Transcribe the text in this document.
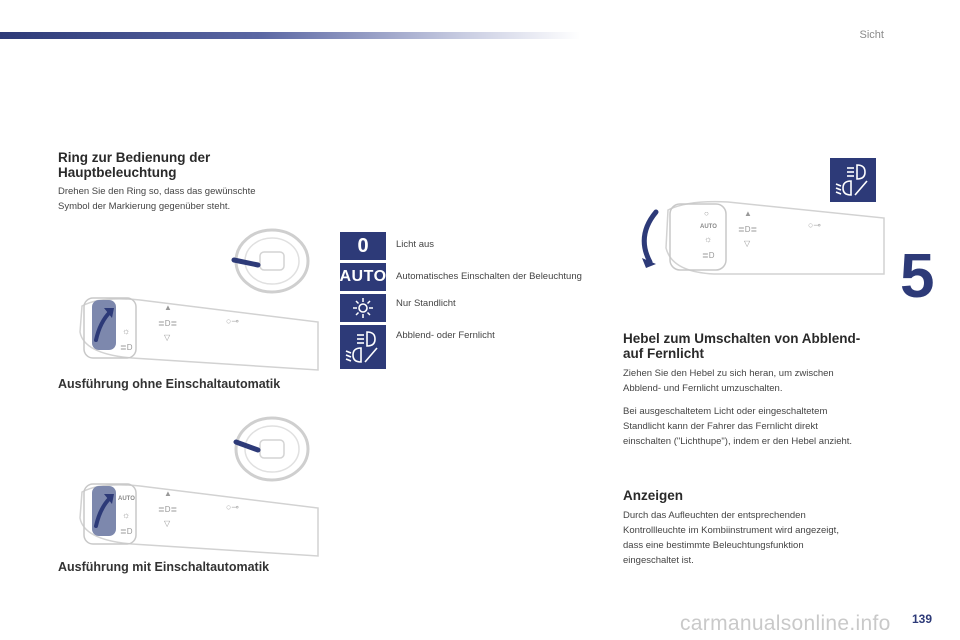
Sicht
5
Ring zur Bedienung der
Hauptbeleuchtung
Drehen Sie den Ring so, dass das gewünschte
Symbol der Markierung gegenüber steht.
☼
≣D
▲
≣D≣
▽
○⊸
Ausführung ohne Einschaltautomatik
AUTO
☼
≣D
▲
≣D≣
▽
○⊸
Ausführung mit Einschaltautomatik
0	Licht aus
AUTO Automatisches Einschalten der Beleuchtung
Nur Standlicht
Abblend- oder Fernlicht
○
AUTO
☼
≣D
▲
≣D≣
▽
○⊸
Hebel zum Umschalten von Abblend-
auf Fernlicht
Ziehen Sie den Hebel zu sich heran, um zwischen
Abblend- und Fernlicht umzuschalten.
Bei ausgeschaltetem Licht oder eingeschaltetem
Standlicht kann der Fahrer das Fernlicht direkt
einschalten ("Lichthupe"), indem er den Hebel anzieht.
Anzeigen
Durch das Aufleuchten der entsprechenden
Kontrollleuchte im Kombiinstrument wird angezeigt,
dass eine bestimmte Beleuchtungsfunktion
eingeschaltet ist.
139
carmanualsonline.info
